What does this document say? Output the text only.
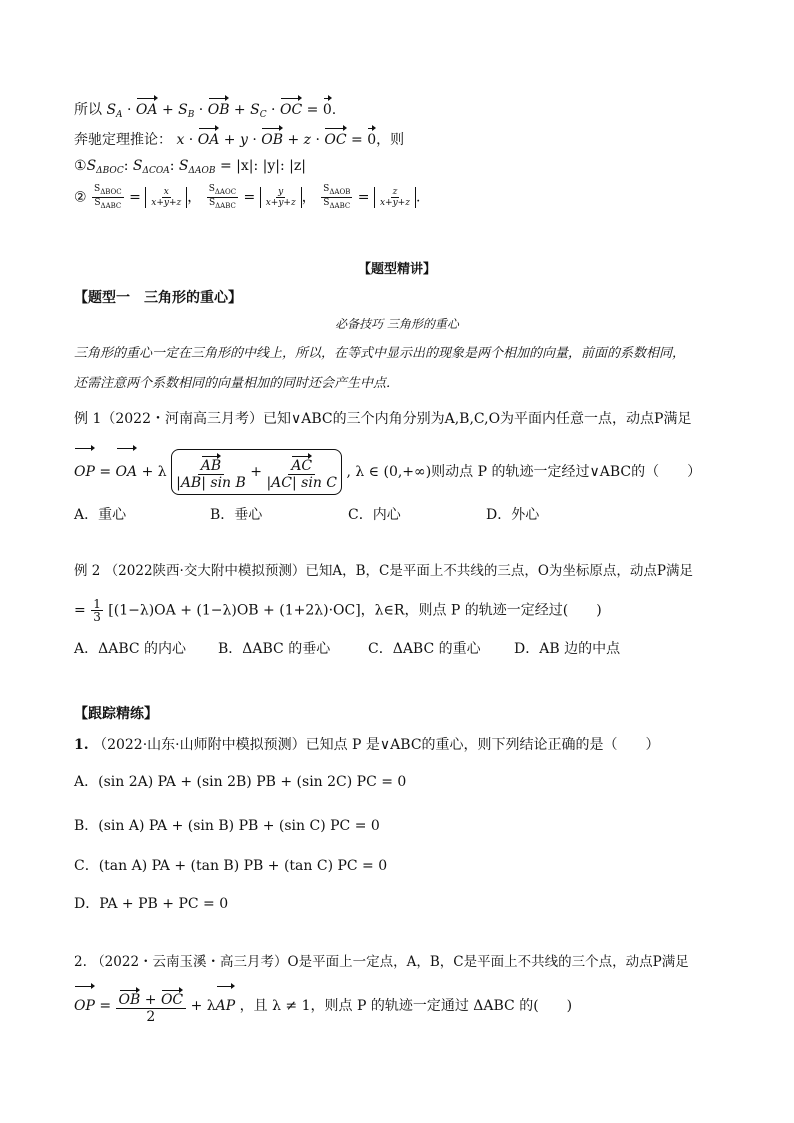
所以 $S_A$ · OA + $S_B$ · OB + $S_C$ · OC = 0.
奔驰定理推论： x · OA + y · OB + z · OC = 0，则
$①S_{\Delta BOC}$: $S_{\Delta COA}$: $S_{\Delta AOB} = |x|$: |y|: |z|
② $\frac{S_{\Delta BOC}}{S_{\Delta ABC}} = \frac{x}{x+y+z}$ ， $\frac{S_{\Delta AOC}}{S_{\Delta ABC}} = \frac{y}{x+y+z}$ ， $\frac{S_{\Delta AOB}}{S_{\Delta ABC}} = \frac{z}{x+y+z}$ .
【题型精讲】
【题型一　三角形的重心】
必备技巧 三角形的重心
三角形的重心一定在三角形的中线上，所以，在等式中显示出的现象是两个相加的向量，前面的系数相同，
还需注意两个系数相同的向量相加的同时还会产生中点．
例 1（2022・河南高三月考）已知∨ABC的三个内角分别为A,B,C,O为平面内任意一点，动点P满足
OP = OA + λ $\frac{AB}{\text{|AB| sin B}} + \frac{AC}{\text{|AC| sin C}}$ , λ ∈ (0,+∞)则动点 P 的轨迹一定经过∨ABC的（　　）
A．重心	B．垂心	C．内心	D．外心
例 2 （2022陕西·交大附中模拟预测）已知A，B，C是平面上不共线的三点，O为坐标原点，动点P满足
= $\frac{1}{3} [(1-\lambda)OA + (1-\lambda)OB + (1+2\lambda)\cdot OC]$，λ∈R，则点 P 的轨迹一定经过(　　)
A．ΔABC 的内心 B．ΔABC 的垂心	C．ΔABC 的重心 D．AB 边的中点
【跟踪精练】
1. （2022·山东·山师附中模拟预测）已知点 P 是∨ABC的重心，则下列结论正确的是（　　）
A．(sin 2A) PA + (sin 2B) PB + (sin 2C) PC = 0
B．(sin A) PA + (sin B) PB + (sin C) PC = 0
C．(tan A) PA + (tan B) PB + (tan C) PC = 0
D．PA + PB + PC = 0
2. （2022・云南玉溪・高三月考）O是平面上一定点，A，B，C是平面上不共线的三个点，动点P满足
OP = $\frac{OB + OC}{2} + \lambda AP$ ，且 λ ≠ 1，则点 P 的轨迹一定通过 ΔABC 的(　　)
